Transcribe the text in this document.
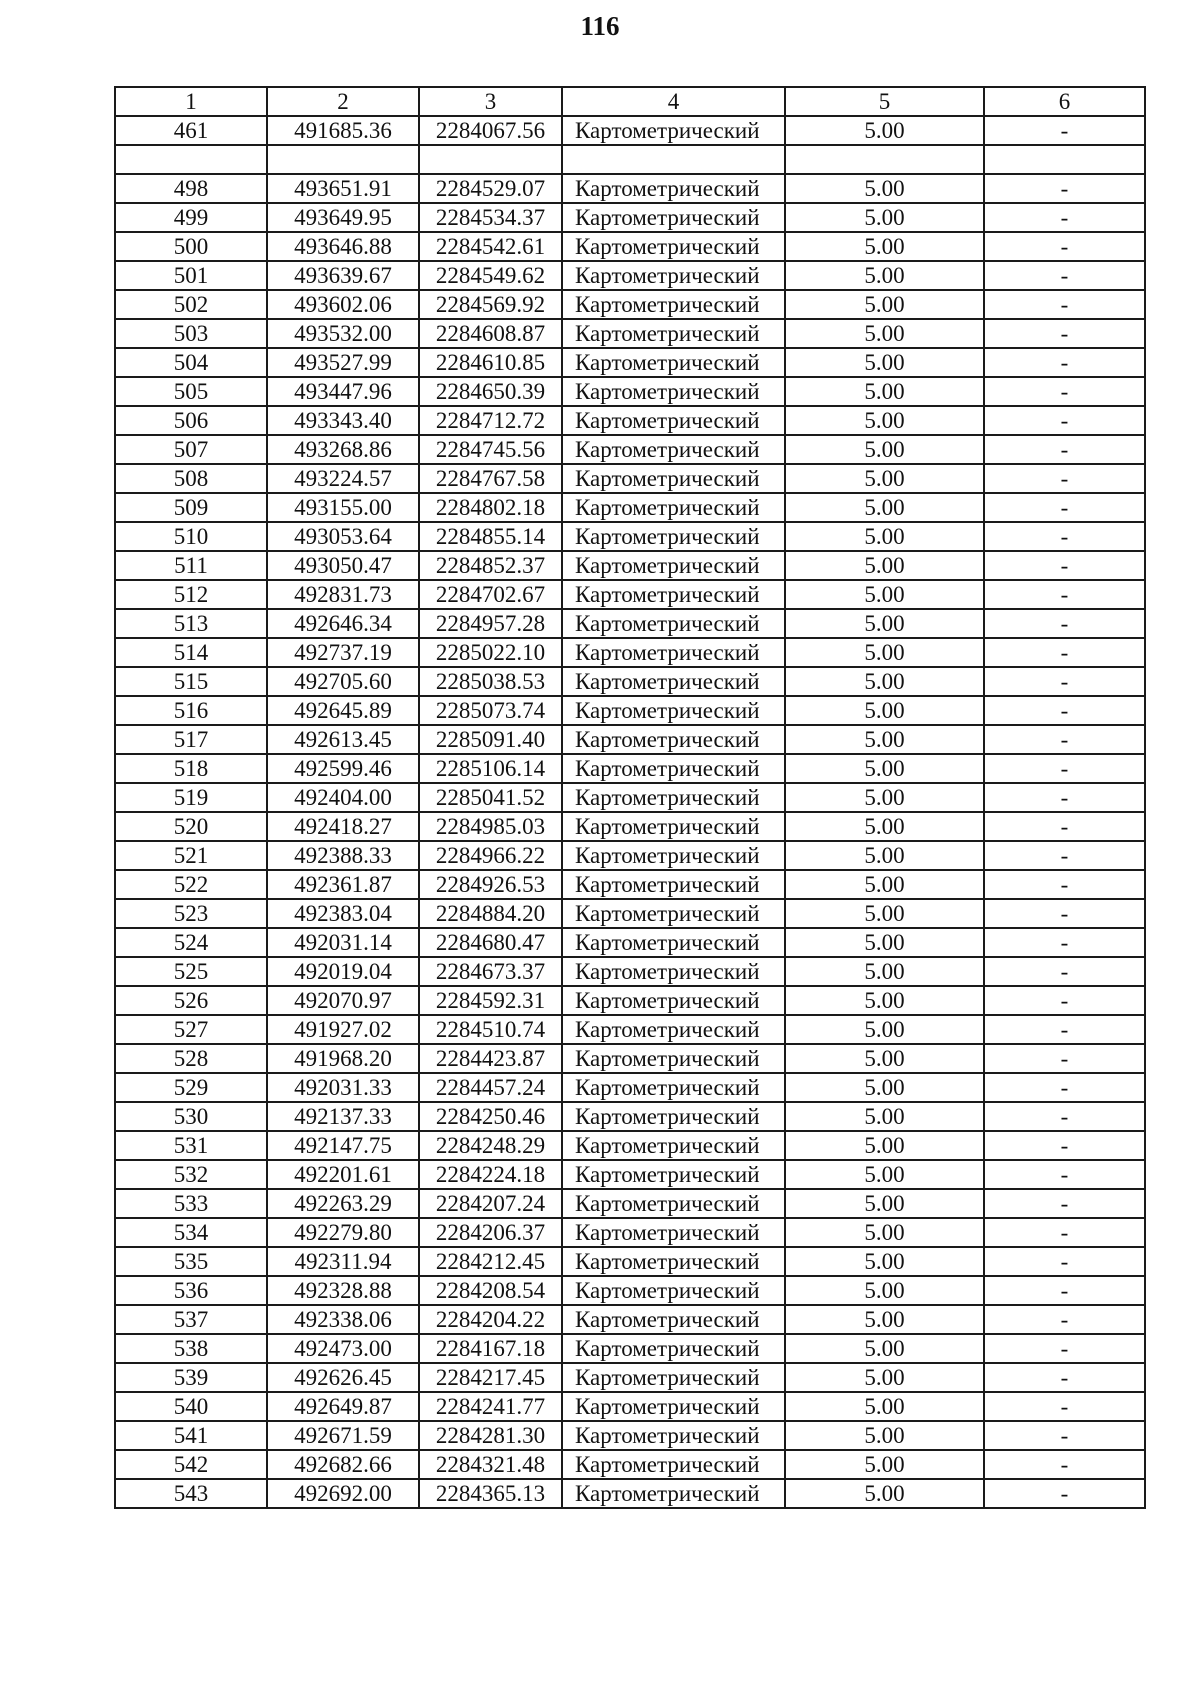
116
1	2	3	4	5	6
461	491685.36	2284067.56	Картометрический	5.00	-

498	493651.91	2284529.07	Картометрический	5.00	-
499	493649.95	2284534.37	Картометрический	5.00	-
500	493646.88	2284542.61	Картометрический	5.00	-
501	493639.67	2284549.62	Картометрический	5.00	-
502	493602.06	2284569.92	Картометрический	5.00	-
503	493532.00	2284608.87	Картометрический	5.00	-
504	493527.99	2284610.85	Картометрический	5.00	-
505	493447.96	2284650.39	Картометрический	5.00	-
506	493343.40	2284712.72	Картометрический	5.00	-
507	493268.86	2284745.56	Картометрический	5.00	-
508	493224.57	2284767.58	Картометрический	5.00	-
509	493155.00	2284802.18	Картометрический	5.00	-
510	493053.64	2284855.14	Картометрический	5.00	-
511	493050.47	2284852.37	Картометрический	5.00	-
512	492831.73	2284702.67	Картометрический	5.00	-
513	492646.34	2284957.28	Картометрический	5.00	-
514	492737.19	2285022.10	Картометрический	5.00	-
515	492705.60	2285038.53	Картометрический	5.00	-
516	492645.89	2285073.74	Картометрический	5.00	-
517	492613.45	2285091.40	Картометрический	5.00	-
518	492599.46	2285106.14	Картометрический	5.00	-
519	492404.00	2285041.52	Картометрический	5.00	-
520	492418.27	2284985.03	Картометрический	5.00	-
521	492388.33	2284966.22	Картометрический	5.00	-
522	492361.87	2284926.53	Картометрический	5.00	-
523	492383.04	2284884.20	Картометрический	5.00	-
524	492031.14	2284680.47	Картометрический	5.00	-
525	492019.04	2284673.37	Картометрический	5.00	-
526	492070.97	2284592.31	Картометрический	5.00	-
527	491927.02	2284510.74	Картометрический	5.00	-
528	491968.20	2284423.87	Картометрический	5.00	-
529	492031.33	2284457.24	Картометрический	5.00	-
530	492137.33	2284250.46	Картометрический	5.00	-
531	492147.75	2284248.29	Картометрический	5.00	-
532	492201.61	2284224.18	Картометрический	5.00	-
533	492263.29	2284207.24	Картометрический	5.00	-
534	492279.80	2284206.37	Картометрический	5.00	-
535	492311.94	2284212.45	Картометрический	5.00	-
536	492328.88	2284208.54	Картометрический	5.00	-
537	492338.06	2284204.22	Картометрический	5.00	-
538	492473.00	2284167.18	Картометрический	5.00	-
539	492626.45	2284217.45	Картометрический	5.00	-
540	492649.87	2284241.77	Картометрический	5.00	-
541	492671.59	2284281.30	Картометрический	5.00	-
542	492682.66	2284321.48	Картометрический	5.00	-
543	492692.00	2284365.13	Картометрический	5.00	-
